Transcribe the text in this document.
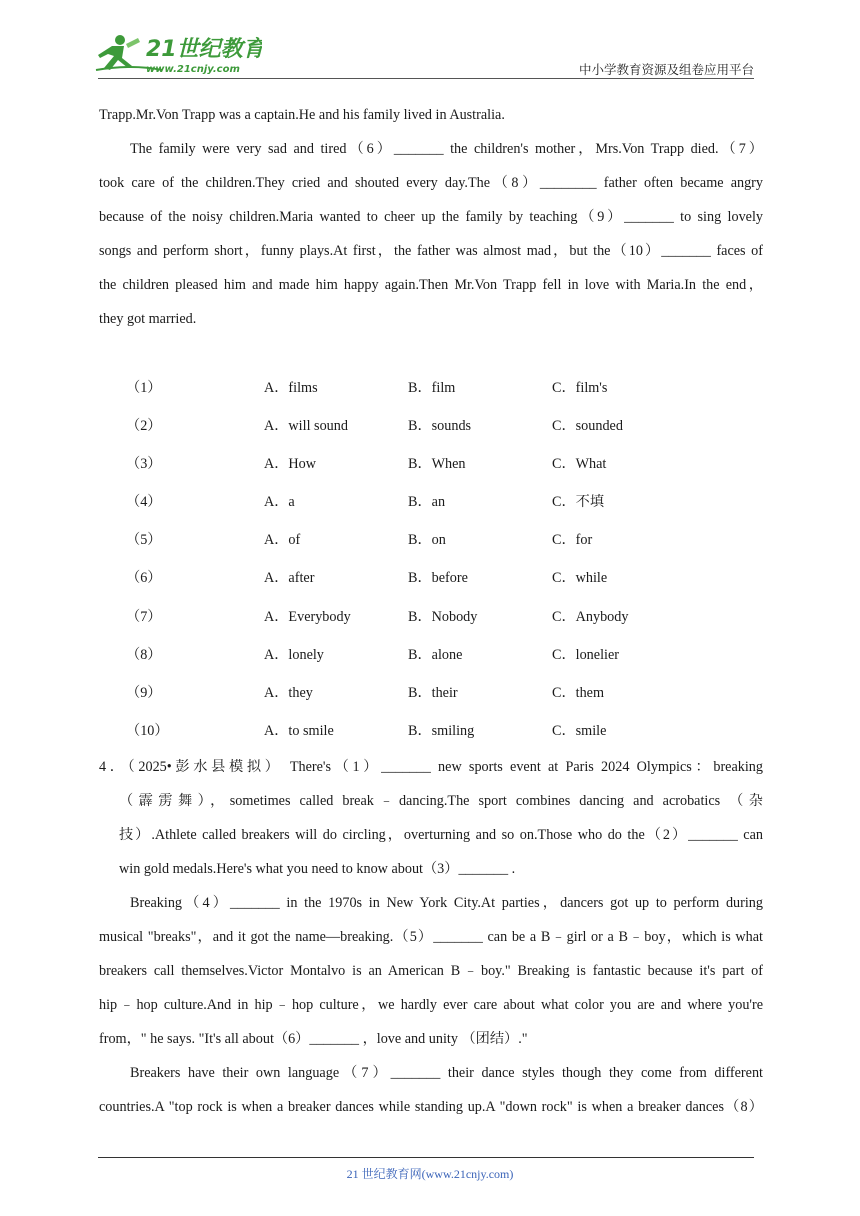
21世纪教育
www.21cnjy.com	中小学教育资源及组卷应用平台
Trapp.Mr.Von Trapp was a captain.He and his family lived in Australia.
The family were very sad and tired（6）_______ the children's mother，Mrs.Von Trapp died.（7）
took care of the children.They cried and shouted every day.The（8）________ father often became angry
because of the noisy children.Maria wanted to cheer up the family by teaching（9）_______ to sing lovely
songs and perform short，funny plays.At first，the father was almost mad，but the（10）_______ faces of
the children pleased him and made him happy again.Then Mr.Von Trapp fell in love with Maria.In the end，
they got married.
（1）	A．films	B．film	C．film's
（2）	A．will sound	B．sounds	C．sounded
（3）	A．How	B．When	C．What
（4）	A．a	B．an	C．不填
（5）	A．of	B．on	C．for
（6）	A．after	B．before	C．while
（7）	A．Everybody	B．Nobody	C．Anybody
（8）	A．lonely	B．alone	C．lonelier
（9）	A．they	B．their	C．them
（10）	A．to smile	B．smiling	C．smile
4．（2025•彭水县模拟） There's（1）_______ new sports event at Paris 2024 Olympics：breaking
（霹雳舞），sometimes called break﹣dancing.The sport combines dancing and acrobatics （杂
技）.Athlete called breakers will do circling，overturning and so on.Those who do the（2）_______ can
win gold medals.Here's what you need to know about（3）_______ .
Breaking（4）_______ in the 1970s in New York City.At parties，dancers got up to perform during
musical "breaks"，and it got the name—breaking.（5）_______ can be a B﹣girl or a B﹣boy，which is what
breakers call themselves.Victor Montalvo is an American B﹣boy." Breaking is fantastic because it's part of
hip﹣hop culture.And in hip﹣hop culture，we hardly ever care about what color you are and where you're
from，" he says. "It's all about（6）_______ ，love and unity （团结）."
Breakers have their own language（7）_______ their dance styles though they come from different
countries.A "top rock is when a breaker dances while standing up.A "down rock" is when a breaker dances（8）
21 世纪教育网(www.21cnjy.com)
